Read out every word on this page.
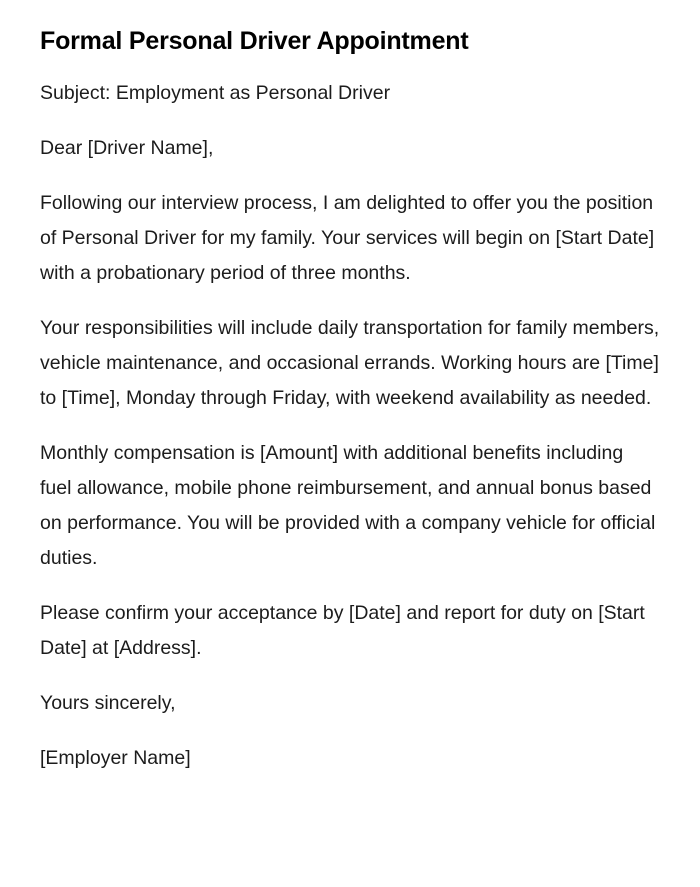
Formal Personal Driver Appointment

Subject: Employment as Personal Driver

Dear [Driver Name],

Following our interview process, I am delighted to offer you the position of Personal Driver for my family. Your services will begin on [Start Date] with a probationary period of three months.

Your responsibilities will include daily transportation for family members, vehicle maintenance, and occasional errands. Working hours are [Time] to [Time], Monday through Friday, with weekend availability as needed.

Monthly compensation is [Amount] with additional benefits including fuel allowance, mobile phone reimbursement, and annual bonus based on performance. You will be provided with a company vehicle for official duties.

Please confirm your acceptance by [Date] and report for duty on [Start Date] at [Address].

Yours sincerely,

[Employer Name]
